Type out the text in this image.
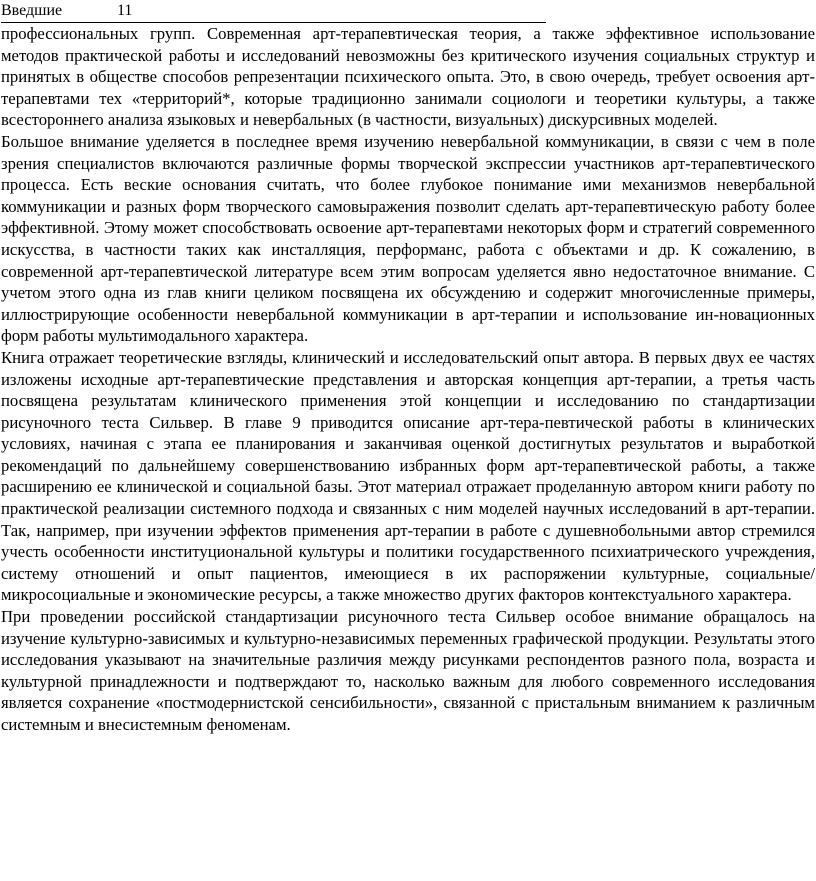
Введшие	11

профессиональных групп. Современная арт-терапевтическая теория, а также эффективное использование методов практической работы и исследований невозможны без критического изучения социальных структур и принятых в обществе способов репрезентации психического опыта. Это, в свою очередь, требует освоения арт-терапевтами тех «территорий*, которые традиционно занимали социологи и теоретики культуры, а также всестороннего анализа языковых и невербальных (в частности, визуальных) дискурсивных моделей.

Большое внимание уделяется в последнее время изучению невербальной коммуникации, в связи с чем в поле зрения специалистов включаются различные формы творческой экспрессии участников арт-терапевтического процесса. Есть веские основания считать, что более глубокое понимание ими механизмов невербальной коммуникации и разных форм творческого самовыражения позволит сделать арт-терапевтическую работу более эффективной. Этому может способствовать освоение арт-терапевтами некоторых форм и стратегий современного искусства, в частности таких как инсталляция, перформанс, работа с объектами и др. К сожалению, в современной арт-терапевтической литературе всем этим вопросам уделяется явно недостаточное внимание. С учетом этого одна из глав книги целиком посвящена их обсуждению и содержит многочисленные примеры, иллюстрирующие особенности невербальной коммуникации в арт-терапии и использование ин-новационных форм работы мультимодального характера.

Книга отражает теоретические взгляды, клинический и исследовательский опыт автора. В первых двух ее частях изложены исходные арт-терапевтические представления и авторская концепция арт-терапии, а третья часть посвящена результатам клинического применения этой концепции и исследованию по стандартизации рисуночного теста Сильвер. В главе 9 приводится описание арт-тера-певтической работы в клинических условиях, начиная с этапа ее планирования и заканчивая оценкой достигнутых результатов и выработкой рекомендаций по дальнейшему совершенствованию избранных форм арт-терапевтической работы, а также расширению ее клинической и социальной базы. Этот материал отражает проделанную автором книги работу по практической реализации системного подхода и связанных с ним моделей научных исследований в арт-терапии. Так, например, при изучении эффектов применения арт-терапии в работе с душевнобольными автор стремился учесть особенности институциональной культуры и политики государственного психиатрического учреждения, систему отношений и опыт пациентов, имеющиеся в их распоряжении культурные, социальные/микросоциальные и экономические ресурсы, а также множество других факторов контекстуального характера.

При проведении российской стандартизации рисуночного теста Сильвер особое внимание обращалось на изучение культурно-зависимых и культурно-независимых переменных графической продукции. Результаты этого исследования указывают на значительные различия между рисунками респондентов разного пола, возраста и культурной принадлежности и подтверждают то, насколько важным для любого современного исследования является сохранение «постмодернистской сенсибильности», связанной с пристальным вниманием к различным системным и внесистемным феноменам.
